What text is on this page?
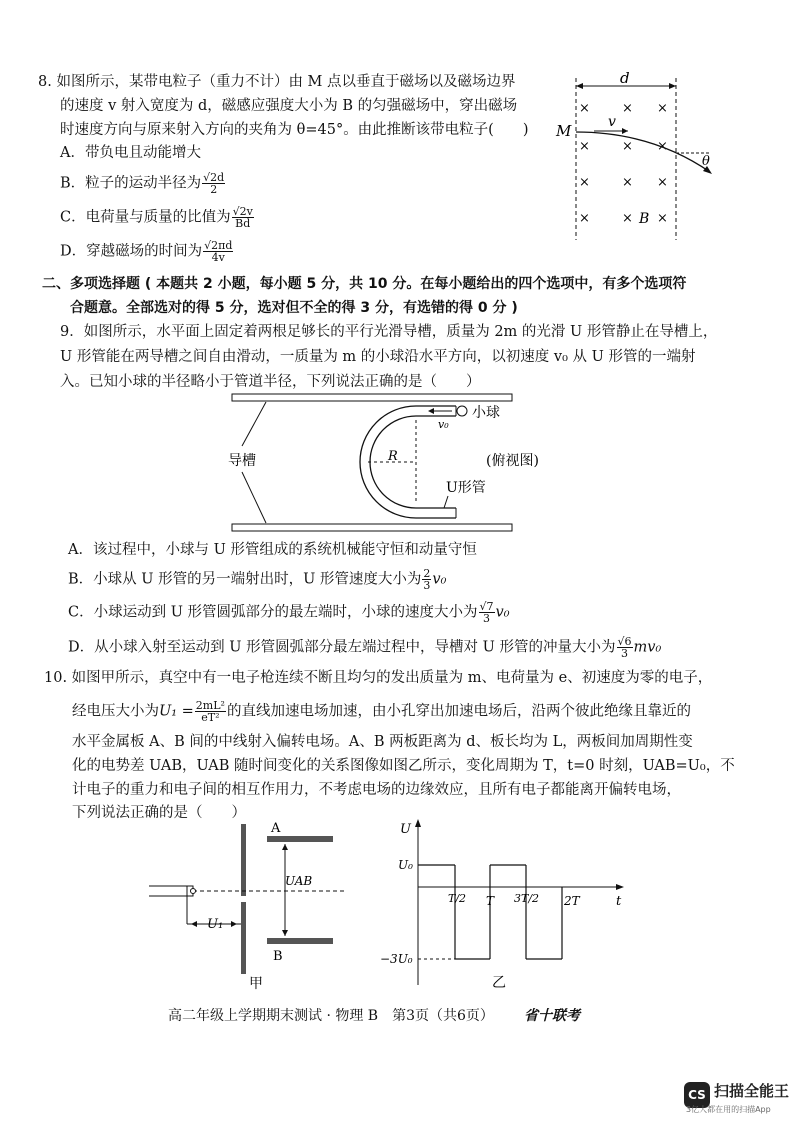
8. 如图所示，某带电粒子（重力不计）由 M 点以垂直于磁场以及磁场边界
的速度 v 射入宽度为 d，磁感应强度大小为 B 的匀强磁场中，穿出磁场
时速度方向与原来射入方向的夹角为 θ=45°。由此推断该带电粒子(　　)
A．带负电且动能增大
B．粒子的运动半径为 $\frac{√2d}{2}$
C．电荷量与质量的比值为 $\frac{√2v}{Bd}$
D．穿越磁场的时间为 $\frac{√2\pi d}{4v}$
d
× × ×
× × ×
× × ×
× × ×
M	v
θ
B
二、多项选择题 ( 本题共 2 小题，每小题 5 分，共 10 分。在每小题给出的四个选项中，有多个选项符
合题意。全部选对的得 5 分，选对但不全的得 3 分，有选错的得 0 分 )
9．如图所示，水平面上固定着两根足够长的平行光滑导槽，质量为 2m 的光滑 U 形管静止在导槽上，
U 形管能在两导槽之间自由滑动，一质量为 m 的小球沿水平方向，以初速度 v₀ 从 U 形管的一端射
入。已知小球的半径略小于管道半径，下列说法正确的是（　　）
小球
v₀
R
导槽	(俯视图)
U形管
A．该过程中，小球与 U 形管组成的系统机械能守恒和动量守恒
B．小球从 U 形管的另一端射出时，U 形管速度大小为 $\frac{2}{3} v_0$
C．小球运动到 U 形管圆弧部分的最左端时，小球的速度大小为 $\frac{√7}{3} v_0$
D．从小球入射至运动到 U 形管圆弧部分最左端过程中，导槽对 U 形管的冲量大小为 $\frac{√6}{3} mv_0$
10. 如图甲所示，真空中有一电子枪连续不断且均匀的发出质量为 m、电荷量为 e、初速度为零的电子，
经电压大小为$U_1 = \frac{\text{2mL²}}{\text{eT²}}$ 的直线加速电场加速，由小孔穿出加速电场后，沿两个彼此绝缘且靠近的
水平金属板 A、B 间的中线射入偏转电场。A、B 两板距离为 d、板长均为 L，两板间加周期性变
化的电势差 UAB，UAB 随时间变化的关系图像如图乙所示，变化周期为 T，t=0 时刻，UAB=U₀，不
计电子的重力和电子间的相互作用力，不考虑电场的边缘效应，且所有电子都能离开偏转电场，
下列说法正确的是（　　）
U₁
A
B
UAB
甲
U
t
U₀
−3U₀
T/2 T 3T/2 2T
乙
高二年级上学期期末测试 · 物理 B　第3页（共6页） 省十联考
CS 扫描全能王
3亿人都在用的扫描App
